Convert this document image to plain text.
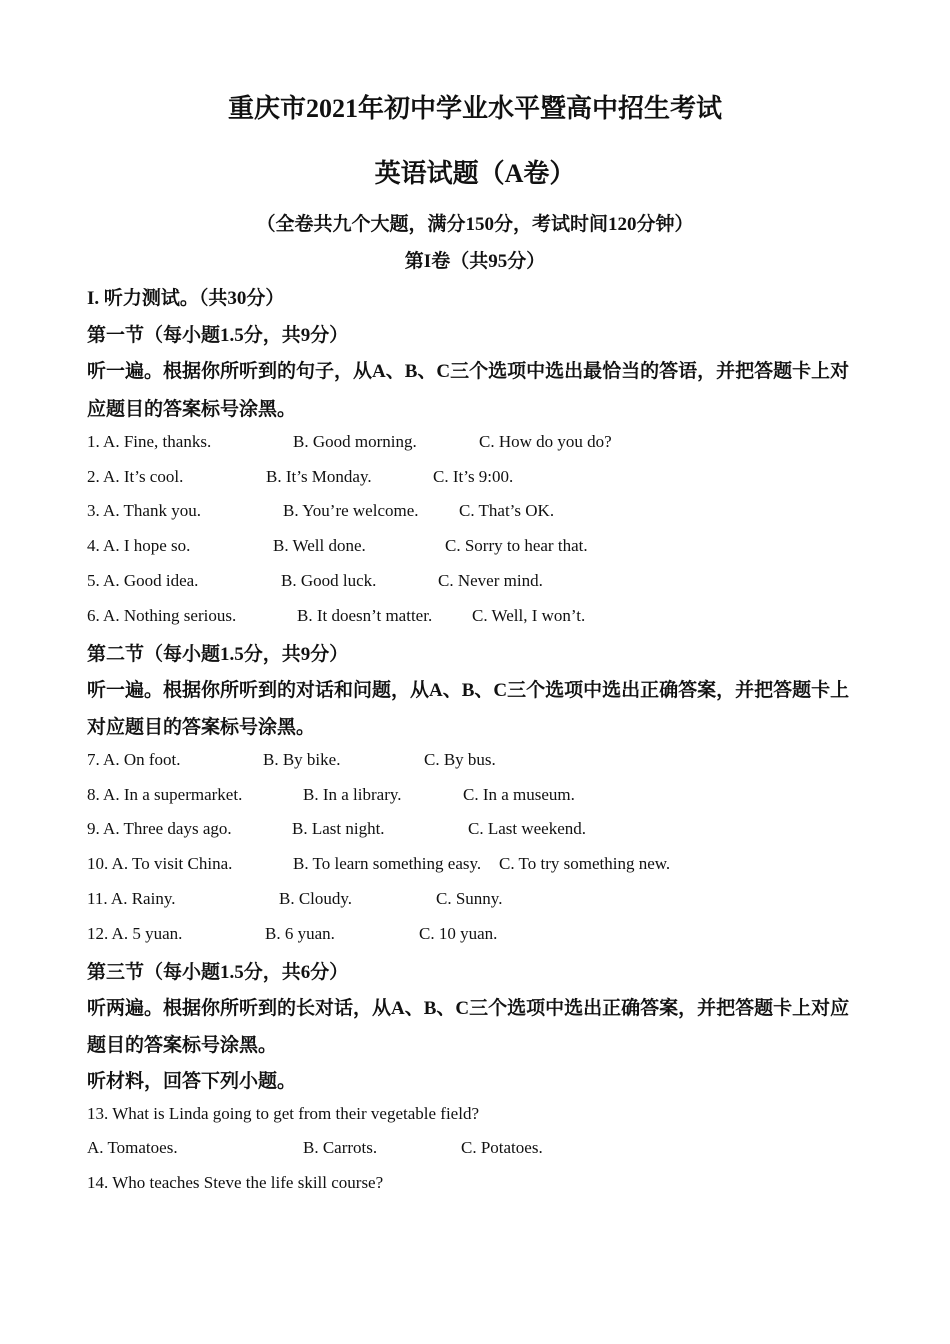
重庆市2021年初中学业水平暨高中招生考试
英语试题（A卷）
（全卷共九个大题，满分150分，考试时间120分钟）
第I卷（共95分）
I. 听力测试。（共30分）
第一节（每小题1.5分，共9分）
听一遍。根据你所听到的句子，从A、B、C三个选项中选出最恰当的答语，并把答题卡上对
应题目的答案标号涂黑。
1. A. Fine, thanks.	B. Good morning.	C. How do you do?
2. A. It’s cool.	B. It’s Monday.	C. It’s 9:00.
3. A. Thank you.	B. You’re welcome. C. That’s OK.
4. A. I hope so.	B. Well done.	C. Sorry to hear that.
5. A. Good idea.	B. Good luck.	C. Never mind.
6. A. Nothing serious.	B. It doesn’t matter. C. Well, I won’t.
第二节（每小题1.5分，共9分）
听一遍。根据你所听到的对话和问题，从A、B、C三个选项中选出正确答案，并把答题卡上
对应题目的答案标号涂黑。
7. A. On foot.	B. By bike.	C. By bus.
8. A. In a supermarket.	B. In a library.	C. In a museum.
9. A. Three days ago.	B. Last night.	C. Last weekend.
10. A. To visit China.	B. To learn something easy. C. To try something new.
11. A. Rainy.	B. Cloudy.	C. Sunny.
12. A. 5 yuan.	B. 6 yuan.	C. 10 yuan.
第三节（每小题1.5分，共6分）
听两遍。根据你所听到的长对话，从A、B、C三个选项中选出正确答案，并把答题卡上对应
题目的答案标号涂黑。
听材料，回答下列小题。
13. What is Linda going to get from their vegetable field?
A. Tomatoes.	B. Carrots.	C. Potatoes.
14. Who teaches Steve the life skill course?
